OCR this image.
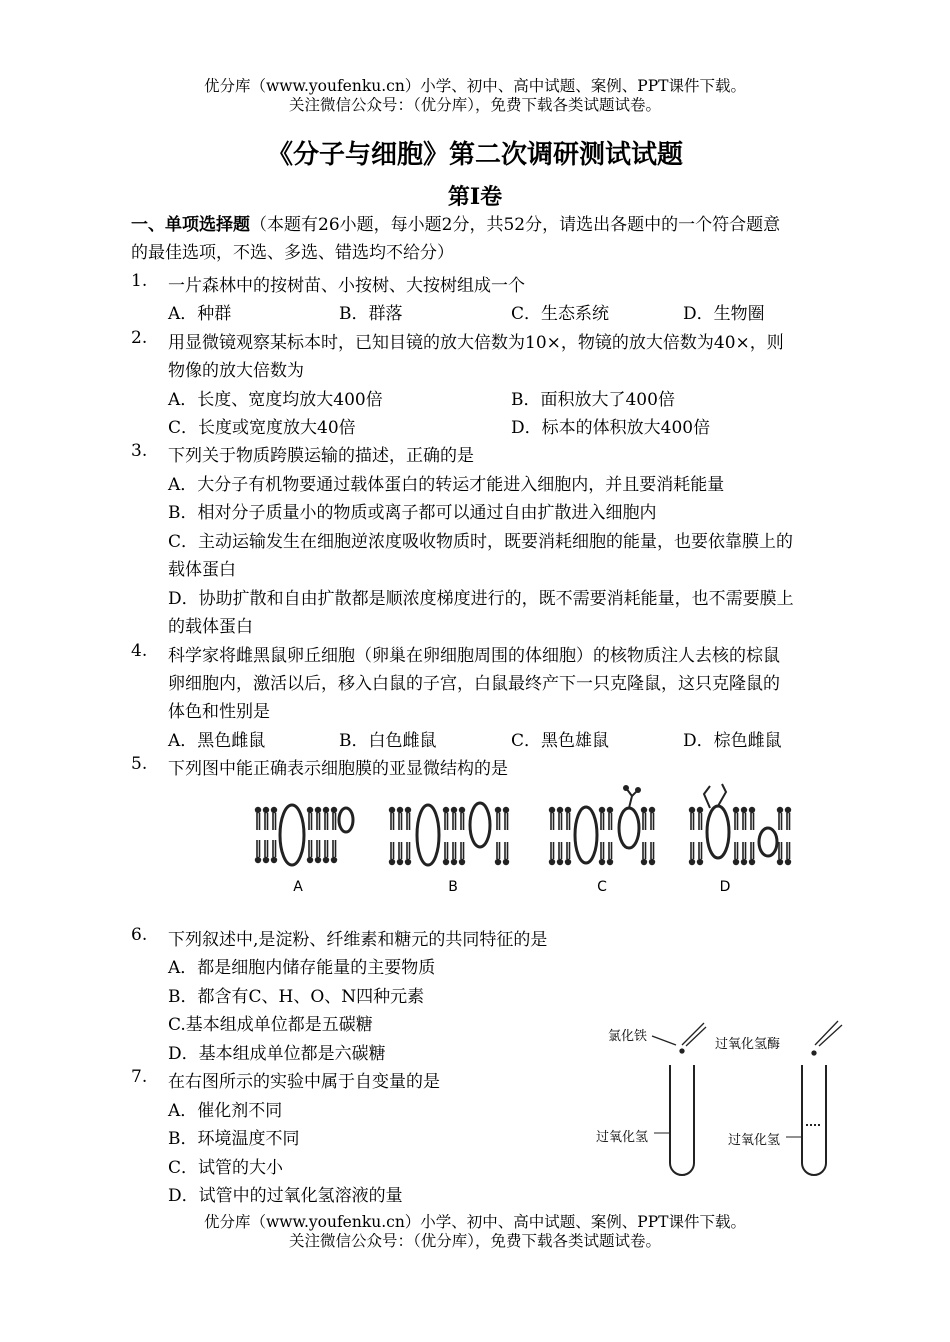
优分库（www.youfenku.cn）小学、初中、高中试题、案例、PPT课件下载。
关注微信公众号：（优分库），免费下载各类试题试卷。
《分子与细胞》第二次调研测试试题
第Ⅰ卷
一、单项选择题（本题有26小题，每小题2分，共52分，请选出各题中的一个符合题意
的最佳选项，不选、多选、错选均不给分）
1.	一片森林中的按树苗、小按树、大按树组成一个
A．种群	B．群落	C．生态系统	D．生物圈
2.	用显微镜观察某标本时，已知目镜的放大倍数为10×，物镜的放大倍数为40×，则
物像的放大倍数为
A．长度、宽度均放大400倍	B．面积放大了400倍
C．长度或宽度放大40倍	D．标本的体积放大400倍
3.	下列关于物质跨膜运输的描述，正确的是
A．大分子有机物要通过载体蛋白的转运才能进入细胞内，并且要消耗能量
B．相对分子质量小的物质或离子都可以通过自由扩散进入细胞内
C．主动运输发生在细胞逆浓度吸收物质时，既要消耗细胞的能量，也要依靠膜上的
载体蛋白
D．协助扩散和自由扩散都是顺浓度梯度进行的，既不需要消耗能量，也不需要膜上
的载体蛋白
4.	科学家将雌黑鼠卵丘细胞（卵巢在卵细胞周围的体细胞）的核物质注人去核的棕鼠
卵细胞内，激活以后，移入白鼠的子宫，白鼠最终产下一只克隆鼠，这只克隆鼠的
体色和性别是
A．黑色雌鼠	B．白色雌鼠	C．黑色雄鼠	D．棕色雌鼠
5.	下列图中能正确表示细胞膜的亚显微结构的是
A	B	C	D
6.	下列叙述中,是淀粉、纤维素和糖元的共同特征的是
A．都是细胞内储存能量的主要物质
B．都含有C、H、O、N四种元素
C.基本组成单位都是五碳糖
D．基本组成单位都是六碳糖
7.	在右图所示的实验中属于自变量的是
A．催化剂不同
B．环境温度不同
C．试管的大小
D．试管中的过氧化氢溶液的量
氯化铁
过氧化氢酶
过氧化氢	过氧化氢
优分库（www.youfenku.cn）小学、初中、高中试题、案例、PPT课件下载。
关注微信公众号：（优分库），免费下载各类试题试卷。
